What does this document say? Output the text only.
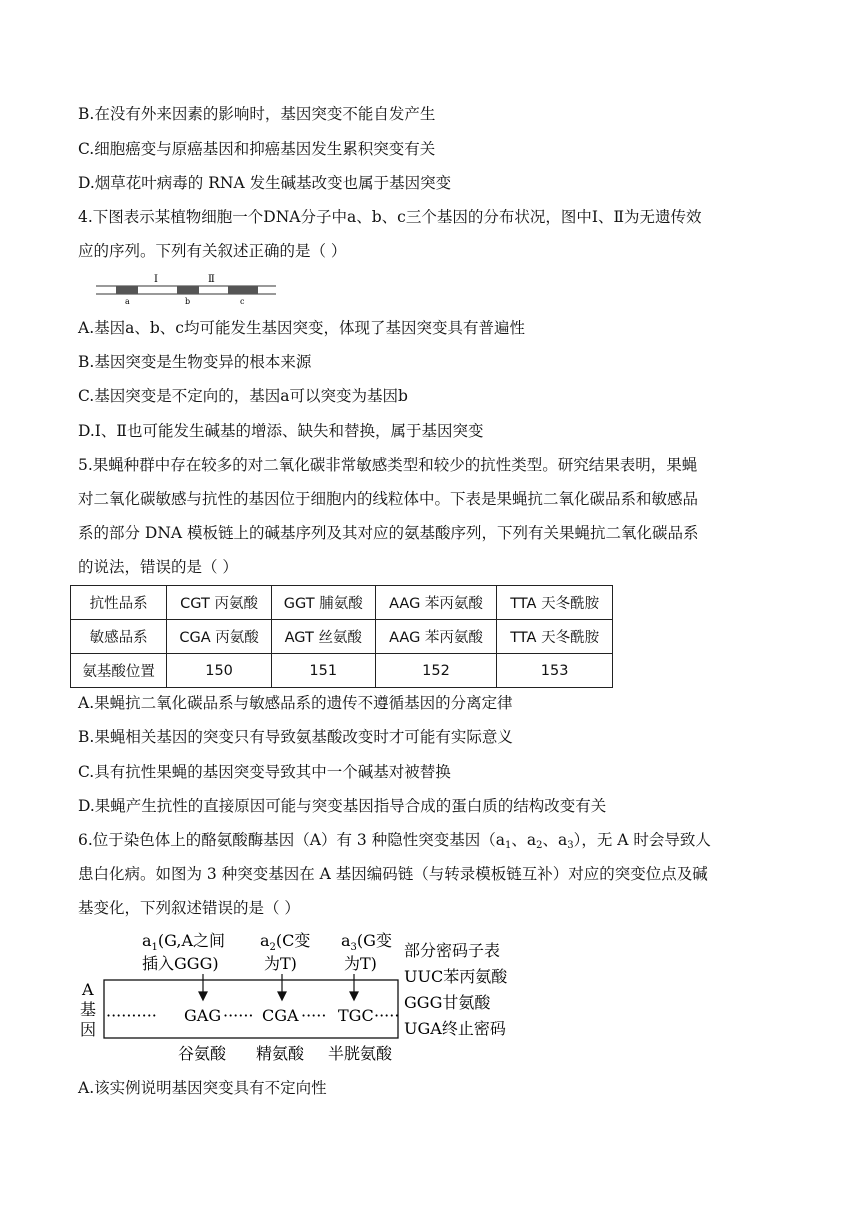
B.在没有外来因素的影响时，基因突变不能自发产生
C.细胞癌变与原癌基因和抑癌基因发生累积突变有关
D.烟草花叶病毒的 RNA 发生碱基改变也属于基因突变
4.下图表示某植物细胞一个DNA分子中a、b、c三个基因的分布状况，图中I、Ⅱ为无遗传效
应的序列。下列有关叙述正确的是（ ）
I	Ⅱ
a	b	c
A.基因a、b、c均可能发生基因突变，体现了基因突变具有普遍性
B.基因突变是生物变异的根本来源
C.基因突变是不定向的，基因a可以突变为基因b
D.I、Ⅱ也可能发生碱基的增添、缺失和替换，属于基因突变
5.果蝇种群中存在较多的对二氧化碳非常敏感类型和较少的抗性类型。研究结果表明，果蝇
对二氧化碳敏感与抗性的基因位于细胞内的线粒体中。下表是果蝇抗二氧化碳品系和敏感品
系的部分 DNA 模板链上的碱基序列及其对应的氨基酸序列，下列有关果蝇抗二氧化碳品系
的说法，错误的是（ ）
抗性品系	CGT 丙氨酸	GGT 脯氨酸	AAG 苯丙氨酸	TTA 天冬酰胺
敏感品系	CGA 丙氨酸	AGT 丝氨酸	AAG 苯丙氨酸	TTA 天冬酰胺
氨基酸位置	150	151	152	153
A.果蝇抗二氧化碳品系与敏感品系的遗传不遵循基因的分离定律
B.果蝇相关基因的突变只有导致氨基酸改变时才可能有实际意义
C.具有抗性果蝇的基因突变导致其中一个碱基对被替换
D.果蝇产生抗性的直接原因可能与突变基因指导合成的蛋白质的结构改变有关
6.位于染色体上的酪氨酸酶基因（A）有 3 种隐性突变基因（$a_1$、$a_2$、$a_3$），无 A 时会导致人
患白化病。如图为 3 种突变基因在 A 基因编码链（与转录模板链互补）对应的突变位点及碱
基变化，下列叙述错误的是（ ）
$a_1(G,A$之间
插入GGG)
$a_2(C$变
为T)
$a_3(G$变
为T)
A
基
因
·········· GAG ······ CGA ····· TGC ·····
谷氨酸 精氨酸 半胱氨酸
部分密码子表
UUC苯丙氨酸
GGG甘氨酸
UGA终止密码
A.该实例说明基因突变具有不定向性
